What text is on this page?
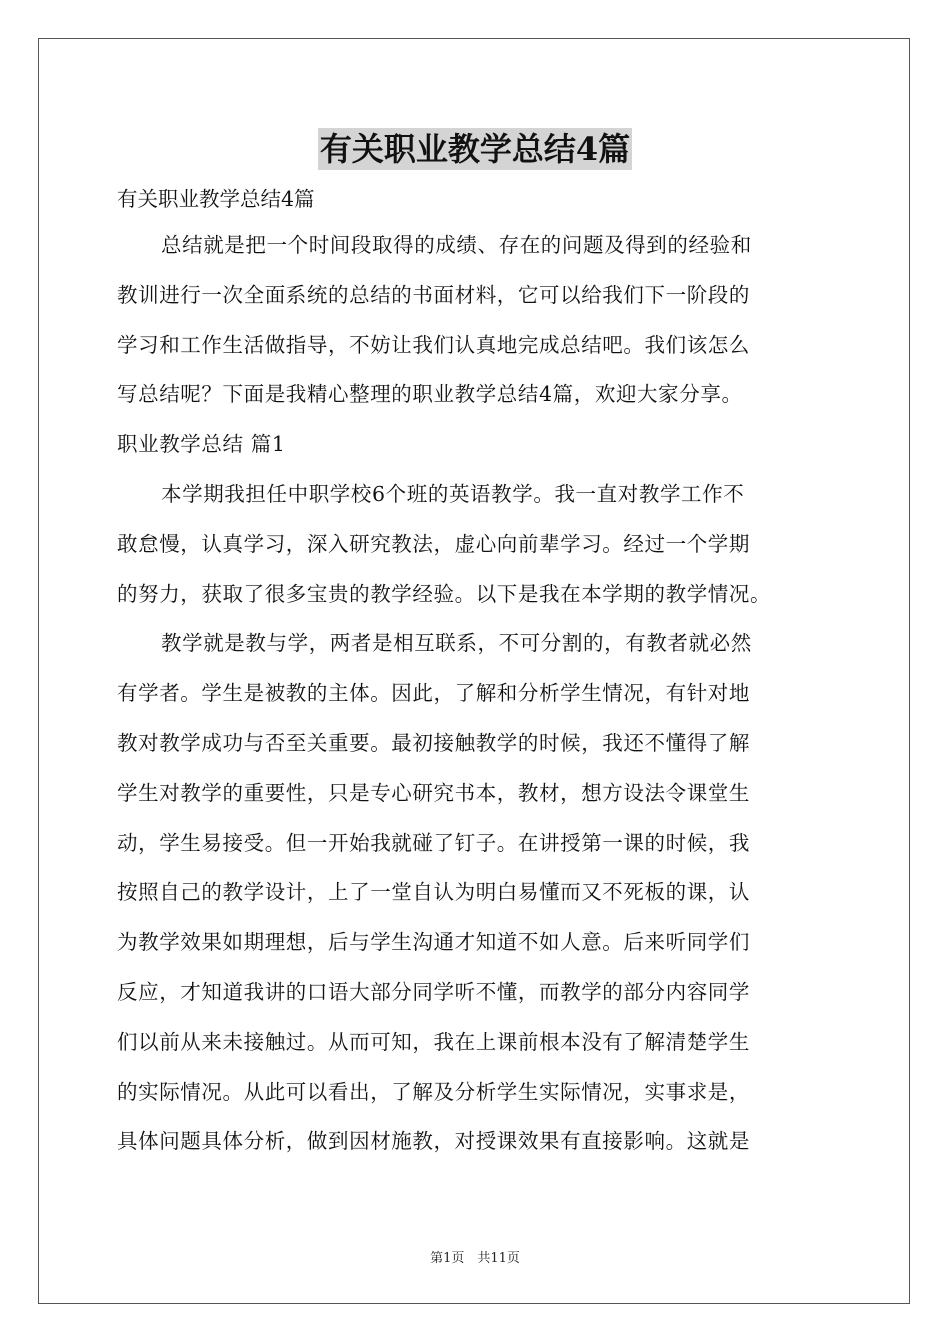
有关职业教学总结4篇
有关职业教学总结4篇
总结就是把一个时间段取得的成绩、存在的问题及得到的经验和
教训进行一次全面系统的总结的书面材料，它可以给我们下一阶段的
学习和工作生活做指导，不妨让我们认真地完成总结吧。我们该怎么
写总结呢？下面是我精心整理的职业教学总结4篇，欢迎大家分享。
职业教学总结 篇1
本学期我担任中职学校6个班的英语教学。我一直对教学工作不
敢怠慢，认真学习，深入研究教法，虚心向前辈学习。经过一个学期
的努力，获取了很多宝贵的教学经验。以下是我在本学期的教学情况。
教学就是教与学，两者是相互联系，不可分割的，有教者就必然
有学者。学生是被教的主体。因此，了解和分析学生情况，有针对地
教对教学成功与否至关重要。最初接触教学的时候，我还不懂得了解
学生对教学的重要性，只是专心研究书本，教材，想方设法令课堂生
动，学生易接受。但一开始我就碰了钉子。在讲授第一课的时候，我
按照自己的教学设计，上了一堂自认为明白易懂而又不死板的课，认
为教学效果如期理想，后与学生沟通才知道不如人意。后来听同学们
反应，才知道我讲的口语大部分同学听不懂，而教学的部分内容同学
们以前从来未接触过。从而可知，我在上课前根本没有了解清楚学生
的实际情况。从此可以看出，了解及分析学生实际情况，实事求是，
具体问题具体分析，做到因材施教，对授课效果有直接影响。这就是
第1页　共11页
